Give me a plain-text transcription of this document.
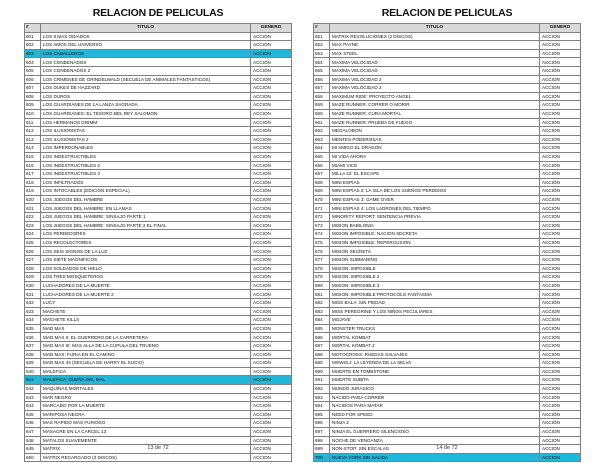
RELACION DE PELICULAS
#	TITULO	GENERO
601	LOS 8 MAS ODIADOS	ACCION
602	LOS AMOS DEL UNIVERSO	ACCION
603	LOS CABALLEROS	ACCION
604	LOS CONDENADOS	ACCION
605	LOS CONDENADOS 2	ACCION
606	LOS CRIMENES DE GRINDELWALD (SECUELA DE ANIMALES FANTASTICOS)	ACCION
607	LOS DUKES DE HAZZARD	ACCION
608	LOS DUROS	ACCION
609	LOS GUARDIANES DE LA LANZA SAGRADA	ACCION
610	LOS GUARDIANES: EL TESORO DEL REY SALOMON	ACCION
611	LOS HERMANOS GRIMM	ACCION
612	LOS ILUSIONISTAS	ACCION
613	LOS ILUSIONISTAS 2	ACCION
614	LOS IMPERDONABLES	ACCION
615	LOS INDESTRUCTIBLES	ACCION
616	LOS INDESTRUCTIBLES 2	ACCION
617	LOS INDESTRUCTIBLES 3	ACCION
618	LOS INFILTRADOS	ACCION
619	LOS INTOCABLES (EDICION ESPECIAL)	ACCION
620	LOS JUEGOS DEL HAMBRE	ACCION
621	LOS JUEGOS DEL HAMBRE: EN LLAMAS	ACCION
622	LOS JUEGOS DEL HAMBRE: SINSAJO PARTE 1	ACCION
623	LOS JUEGOS DEL HAMBRE: SINSAJO PARTE 2 EL FINAL	ACCION
624	LOS PERDEDORES	ACCION
625	LOS RECOLECTORES	ACCION
626	LOS SEIS SIGNOS DE LA LUZ	ACCION
627	LOS SIETE MAGNIFICOS	ACCION
628	LOS SOLDADOS DE HIELO	ACCION
629	LOS TRES MOSQUETEROS	ACCION
630	LUCHADORES DE LA MUERTE	ACCION
631	LUCHADORES DE LA MUERTE 2	ACCION
632	LUCY	ACCION
633	MACHETE	ACCION
634	MACHETE KILLS	ACCION
635	MAD MAX	ACCION
636	MAD MAX II: EL GUERRERO DE LA CARRETERA	ACCION
637	MAD MAX III: MAS ALLA DE LA CUPULA DEL TRUENO	ACCION
638	MAD MAX: FURIA EN EL CAMINO	ACCION
639	MAD MAX 44 (SECUELA DE HARRY EL SUCIO)	ACCION
640	MALEFICA	ACCION
641	MALEFICA: DUEÑA DEL MAL	ACCION
642	MAQUINAS MORTALES	ACCION
643	MAR NEGRO	ACCION
644	MARCADO POR LA MUERTE	ACCION
645	MARIPOSA NEGRA	ACCION
646	MAS RAPIDO MAS FURIOSO	ACCION
647	MASACRE EN LA CARCEL 13	ACCION
648	MATALOS SUAVEMENTE	ACCION
649	MATRIX	ACCION
650	MATRIX RECARGADO (2 DISCOS)	ACCION
13 de 72
RELACION DE PELICULAS
#	TITULO	GENERO
651	MATRIX REVOLUCIONES (2 DISCOS)	ACCION
652	MAX PAYNE	ACCION
653	MAX STEEL	ACCION
654	MAXIMA VELOCIDAD	ACCION
655	MAXIMA VELOCIDAD	ACCION
656	MAXIMA VELOCIDAD 2	ACCION
657	MAXIMA VELOCIDAD 2	ACCION
658	MAXIMUM RIDE: PROYECTO ANGEL	ACCION
659	MAZE RUNNER: CORRER O MORIR	ACCION
660	MAZE RUNNER: CURA MORTAL	ACCION
661	MAZE RUNNER: PRUEBA DE FUEGO	ACCION
662	MEGALODON	ACCION
663	MENTES PODEROSAS	ACCION
664	MI AMIGO EL DRAGON	ACCION
665	MI VIDA AHORA	ACCION
666	MIAMI VICE	ACCION
667	MILLA 22: EL ESCAPE	ACCION
668	MINI ESPIAS	ACCION
669	MINI ESPIAS 2: LA ISLA DE LOS SUEÑOS PERDIDOS	ACCION
670	MINI ESPIAS 3: GAME OVER	ACCION
671	MINI ESPIAS 4: LOS LADRONES DEL TIEMPO	ACCION
672	MINORITY REPORT: SENTENCIA PREVIA	ACCION
673	MISION BABILONIA	ACCION
674	MISION IMPOSIBLE: NACION SECRETA	ACCION
675	MISION IMPOSIBLE: REPERCUSION	ACCION
676	MISION SECRETA	ACCION
677	MISION SUBMARINO	ACCION
678	MISION: IMPOSIBLE	ACCION
679	MISION: IMPOSIBLE 2	ACCION
680	MISION: IMPOSIBLE 3	ACCION
681	MISION: IMPOSIBLE PROTOCOLO FANTASMA	ACCION
682	MISS BALA: SIN PIEDAD	ACCION
683	MISS PEREGRINE Y LOS NIÑOS PECULIARES	ACCION
684	MOJAVE	ACCION
685	MONSTER TRUCKS	ACCION
686	MORTAL KOMBAT	ACCION
687	MORTAL KOMBAT 2	ACCION
688	MOTOCROSS: RUEDAS SALVAJES	ACCION
689	MOWGLI: LA LEYENDA DE LA SELVA	ACCION
690	MUERTE EN TOMBSTONE	ACCION
691	MUERTE SUBITA	ACCION
692	MUNDO JURASICO	ACCION
693	NACIDO PARA CORRER	ACCION
694	NACIDOS PARA MATAR	ACCION
695	NEED FOR SPEED	ACCION
696	NINJA 2	ACCION
697	NINJA EL GUERRERO SILENCIOSO	ACCION
698	NOCHE DE VENGANZA	ACCION
699	NON-STOP: SIN ESCALAS	ACCION
700	NUEVA YORK SIN SALIDA	ACCION
14 de 72
